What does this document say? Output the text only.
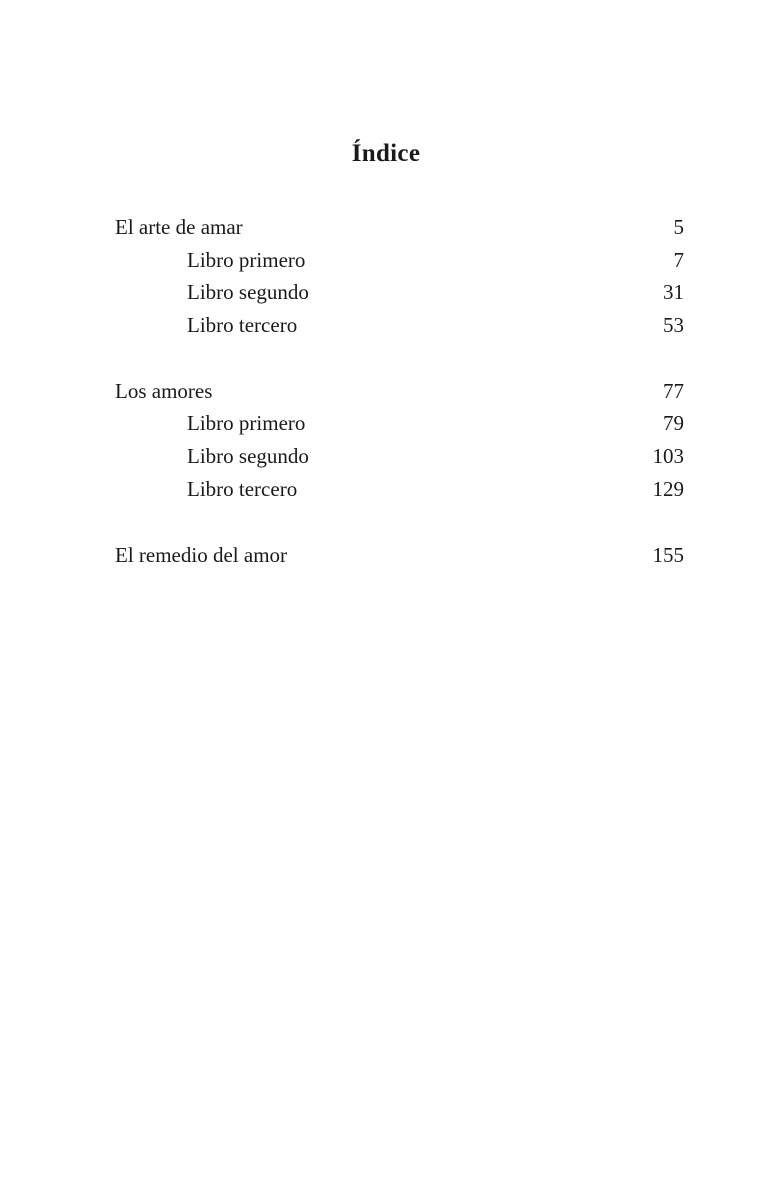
Índice
El arte de amar	5
Libro primero	7
Libro segundo	31
Libro tercero	53
Los amores	77
Libro primero	79
Libro segundo	103
Libro tercero	129
El remedio del amor	155
